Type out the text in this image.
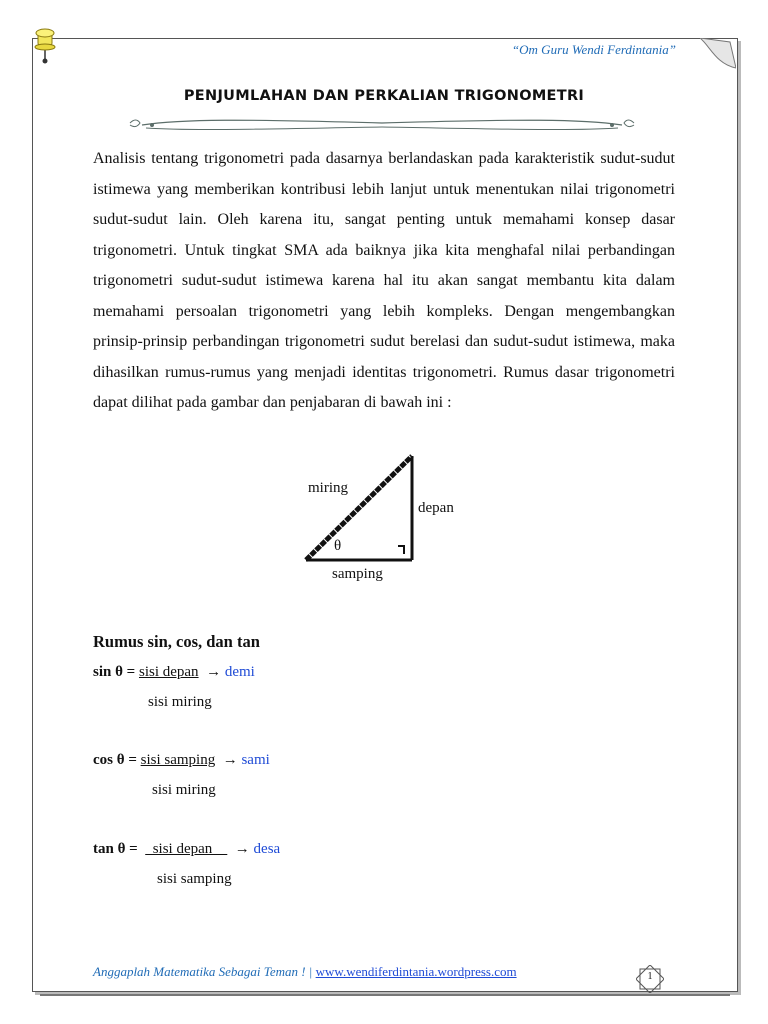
“Om Guru Wendi Ferdintania”
PENJUMLAHAN DAN PERKALIAN TRIGONOMETRI
Analisis tentang trigonometri pada dasarnya berlandaskan pada karakteristik sudut-sudut istimewa yang memberikan kontribusi lebih lanjut untuk menentukan nilai trigonometri sudut-sudut lain. Oleh karena itu, sangat penting untuk memahami konsep dasar trigonometri. Untuk tingkat SMA ada baiknya jika kita menghafal nilai perbandingan trigonometri sudut-sudut istimewa karena hal itu akan sangat membantu kita dalam memahami persoalan trigonometri yang lebih kompleks. Dengan mengembangkan prinsip-prinsip perbandingan trigonometri sudut berelasi dan sudut-sudut istimewa, maka dihasilkan rumus-rumus yang menjadi identitas trigonometri. Rumus dasar trigonometri dapat dilihat pada gambar dan penjabaran di bawah ini :
miring
depan
samping
θ
Rumus sin, cos, dan tan
sin θ = sisi depan → demi
sisi miring
cos θ = sisi samping → sami
sisi miring
tan θ =    sisi depan      → desa
sisi samping
Anggaplah Matematika Sebagai Teman ! | www.wendiferdintania.wordpress.com	1
